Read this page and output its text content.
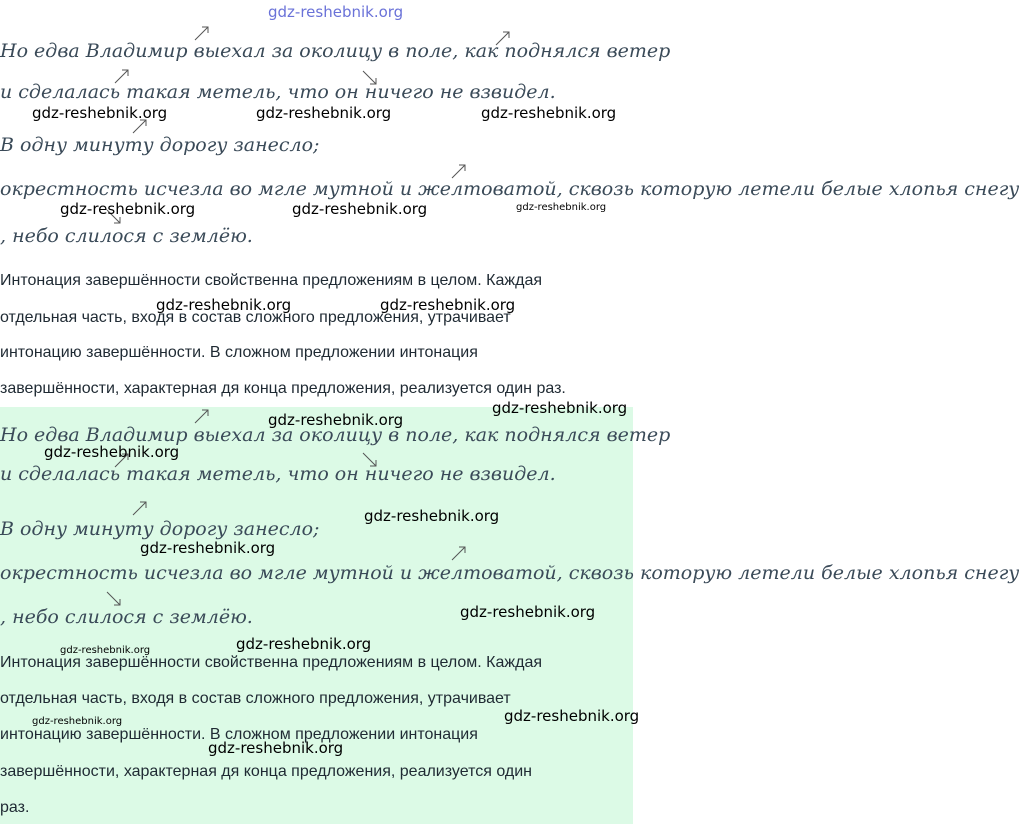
gdz-reshebnik.org
Но едва Владимир выехал за околицу в поле, как поднялся ветер
и сделалась такая метель, что он ничего не взвидел.
В одну минуту дорогу занесло;
окрестность исчезла во мгле мутной и желтоватой, сквозь которую летели белые хлопья снегу
, небо слилося с землёю.
Интонация завершённости свойственна предложениям в целом. Каждая
отдельная часть, входя в состав сложного предложения, утрачивает
интонацию завершённости. В сложном предложении интонация
завершённости, характерная дя конца предложения, реализуется один раз.
gdz-reshebnik.org	gdz-reshebnik.org	gdz-reshebnik.org
gdz-reshebnik.org	gdz-reshebnik.org	gdz-reshebnik.org
gdz-reshebnik.org	gdz-reshebnik.org
Но едва Владимир выехал за околицу в поле, как поднялся ветер
и сделалась такая метель, что он ничего не взвидел.
В одну минуту дорогу занесло;
окрестность исчезла во мгле мутной и желтоватой, сквозь которую летели белые хлопья снегу
, небо слилося с землёю.
Интонация завершённости свойственна предложениям в целом. Каждая
отдельная часть, входя в состав сложного предложения, утрачивает
интонацию завершённости. В сложном предложении интонация
завершённости, характерная дя конца предложения, реализуется один
раз.
gdz-reshebnik.org
gdz-reshebnik.org
gdz-reshebnik.org
gdz-reshebnik.org
gdz-reshebnik.org
gdz-reshebnik.org
gdz-reshebnik.org
gdz-reshebnik.org
gdz-reshebnik.org	gdz-reshebnik.org
gdz-reshebnik.org
